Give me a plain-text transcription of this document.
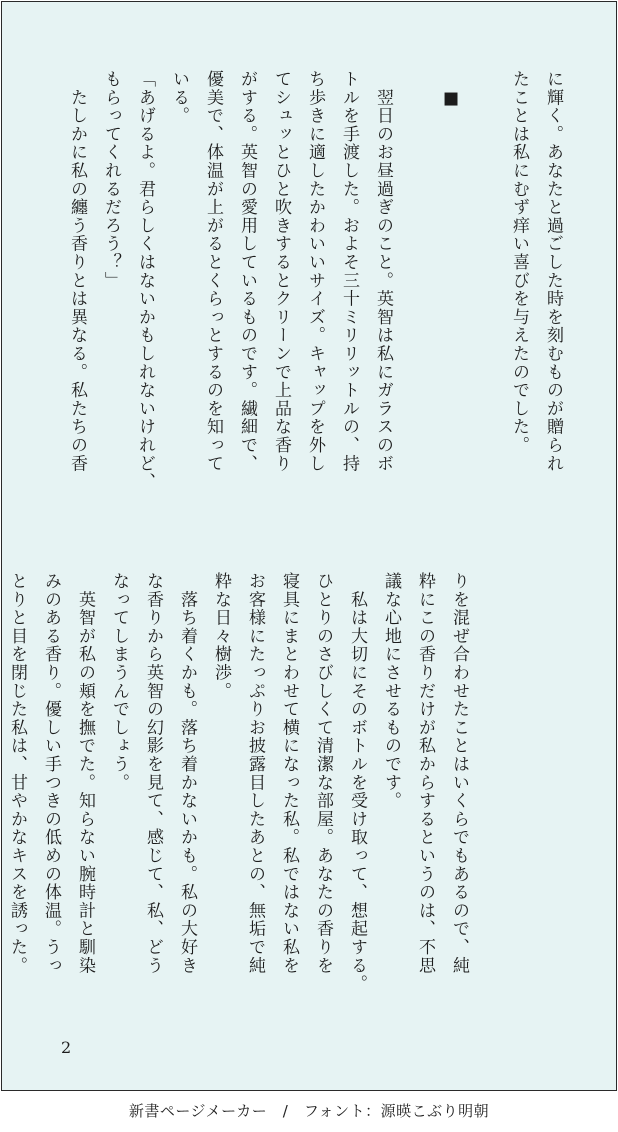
に輝く。あなたと過ごした時を刻むものが贈られ
たことは私にむず痒い喜びを与えたのでした。

　■

　翌日のお昼過ぎのこと。英智は私にガラスのボ
トルを手渡した。およそ三十ミリリットルの、持
ち歩きに適したかわいいサイズ。キャップを外し
てシュッとひと吹きするとクリーンで上品な香り
がする。英智の愛用しているものです。繊細で、
優美で、体温が上がるとくらっとするのを知って
いる。
「あげるよ。君らしくはないかもしれないけれど、
もらってくれるだろう？」
　たしかに私の纏う香りとは異なる。私たちの香
りを混ぜ合わせたことはいくらでもあるので、純
粋にこの香りだけが私からするというのは、不思
議な心地にさせるものです。
　私は大切にそのボトルを受け取って、想起する。
ひとりのさびしくて清潔な部屋。あなたの香りを
寝具にまとわせて横になった私。私ではない私を
お客様にたっぷりお披露目したあとの、無垢で純
粋な日々樹渉。
　落ち着くかも。落ち着かないかも。私の大好き
な香りから英智の幻影を見て、感じて、私、どう
なってしまうんでしょう。
　英智が私の頬を撫でた。知らない腕時計と馴染
みのある香り。優しい手つきの低めの体温。うっ
とりと目を閉じた私は、甘やかなキスを誘った。
2
新書ページメーカー　/　フォント：源暎こぶり明朝
